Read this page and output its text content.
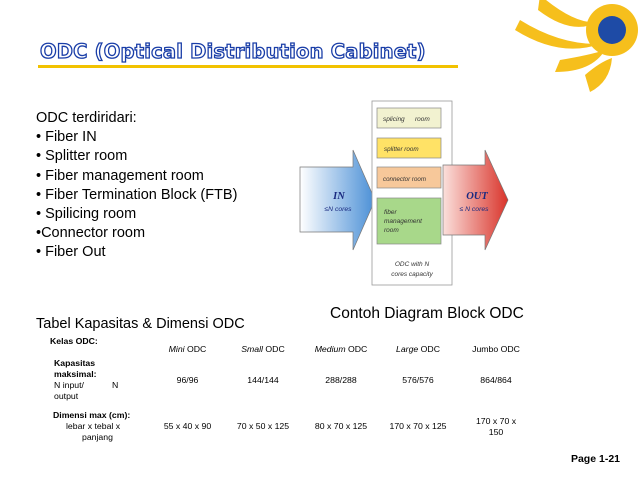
ODC (Optical Distribution Cabinet)
ODC terdiridari:
• Fiber IN
• Splitter room
• Fiber management room
• Fiber Termination Block (FTB)
• Spilicing room
•Connector room
• Fiber Out
IN
≤N cores
OUT
≤ N cores
splicing room
splitter room
connector room
fiber
management
room
ODC with N
cores capacity
Contoh Diagram Block ODC
Tabel Kapasitas & Dimensi ODC
Kelas ODC:
Mini ODC	Small ODC	Medium ODC	Large ODC	Jumbo ODC
Kapasitas
maksimal:
N input/	N
output
96/96	144/144	288/288	576/576	864/864
Dimensi max (cm):
lebar x tebal x
panjang
55 x 40 x 90	70 x 50 x 125	80 x 70 x 125	170 x 70 x 125	170 x 70 x
150
Page 1-21
